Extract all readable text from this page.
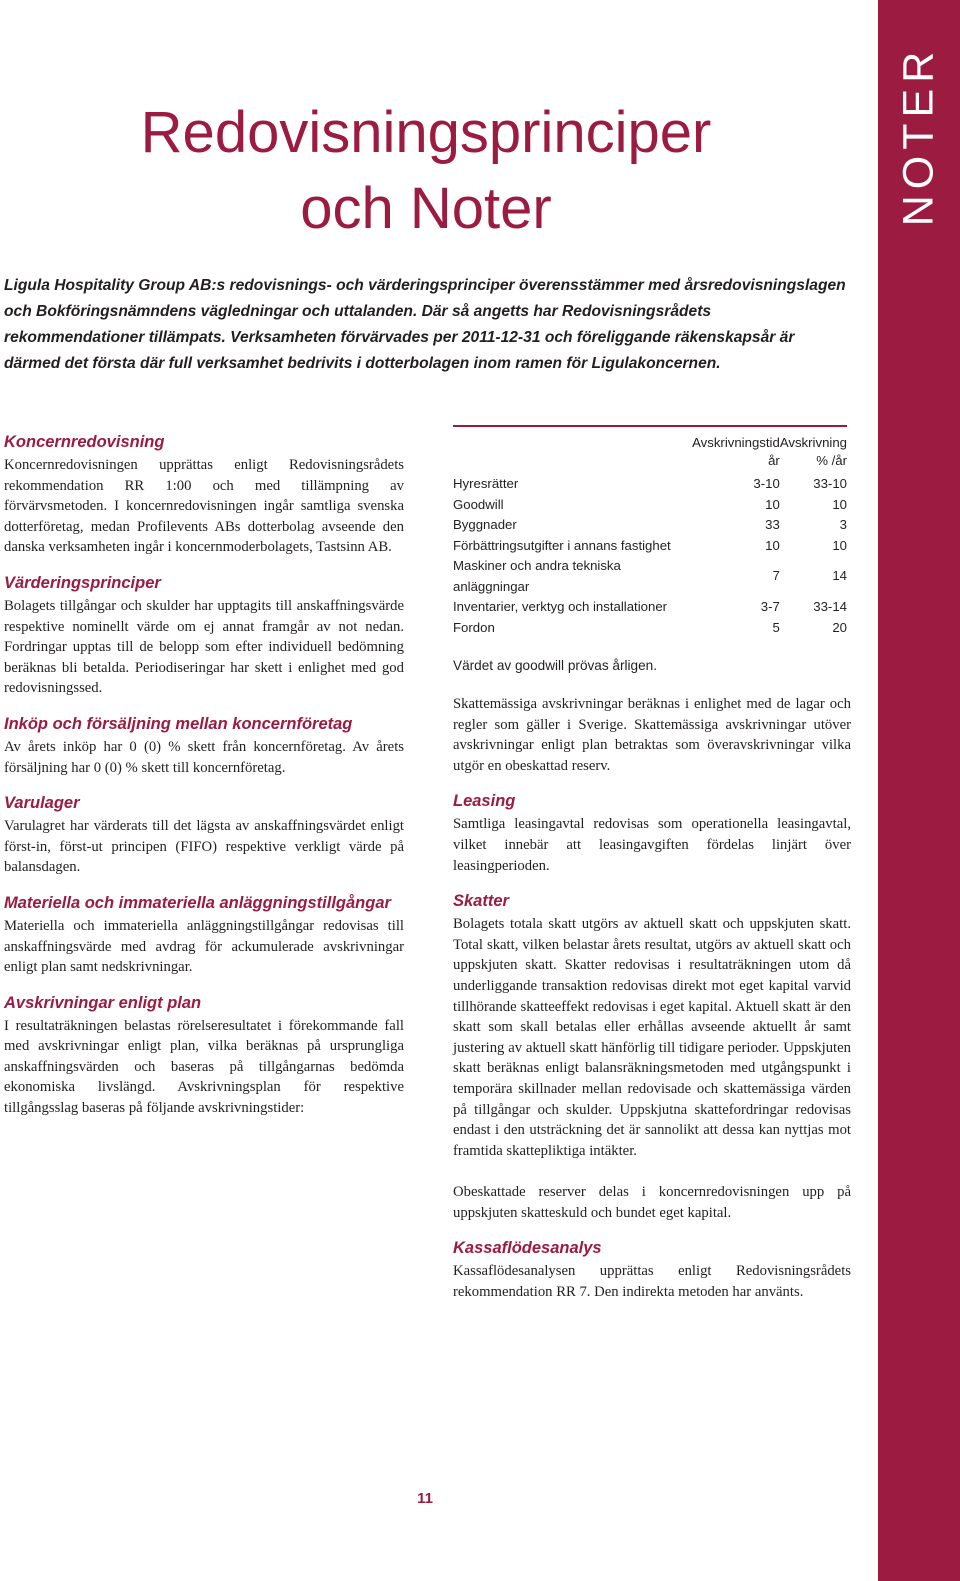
NOTER
Redovisningsprinciper
och Noter

Ligula Hospitality Group AB:s redovisnings- och värderingsprinciper överensstämmer med årsredovisningslagen och Bokföringsnämndens vägledningar och uttalanden. Där så angetts har Redovisningsrådets rekommendationer tillämpats. Verksamheten förvärvades per 2011-12-31 och föreliggande räkenskapsår är därmed det första där full verksamhet bedrivits i dotterbolagen inom ramen för Ligulakoncernen.

Koncernredovisning

Koncernredovisningen upprättas enligt Redovisningsrådets rekommendation RR 1:00 och med tillämpning av förvärvsmetoden. I koncernredovisningen ingår samtliga svenska dotterföretag, medan Profilevents ABs dotterbolag avseende den danska verksamheten ingår i koncernmoderbolagets, Tastsinn AB.

Värderingsprinciper

Bolagets tillgångar och skulder har upptagits till anskaffningsvärde respektive nominellt värde om ej annat framgår av not nedan. Fordringar upptas till de belopp som efter individuell bedömning beräknas bli betalda. Periodiseringar har skett i enlighet med god redovisningssed.

Inköp och försäljning mellan koncernföretag

Av årets inköp har 0 (0) % skett från koncernföretag. Av årets försäljning har 0 (0) % skett till koncernföretag.

Varulager

Varulagret har värderats till det lägsta av anskaffningsvärdet enligt först-in, först-ut principen (FIFO) respektive verkligt värde på balansdagen.

Materiella och immateriella anläggningstillgångar

Materiella och immateriella anläggningstillgångar redovisas till anskaffningsvärde med avdrag för ackumulerade avskrivningar enligt plan samt nedskrivningar.

Avskrivningar enligt plan

I resultaträkningen belastas rörelseresultatet i förekommande fall med avskrivningar enligt plan, vilka beräknas på ursprungliga anskaffningsvärden och baseras på tillgångarnas bedömda ekonomiska livslängd. Avskrivningsplan för respektive tillgångsslag baseras på följande avskrivningstider:

	Avskrivningstid	Avskrivning
	år	% /år
Hyresrätter	3-10	33-10
Goodwill	10	10
Byggnader	33	3
Förbättringsutgifter i annans fastighet	10	10
Maskiner och andra tekniska anläggningar	7	14
Inventarier, verktyg och installationer	3-7	33-14
Fordon	5	20

Värdet av goodwill prövas årligen.

Skattemässiga avskrivningar beräknas i enlighet med de lagar och regler som gäller i Sverige. Skattemässiga avskrivningar utöver avskrivningar enligt plan betraktas som överavskrivningar vilka utgör en obeskattad reserv.

Leasing

Samtliga leasingavtal redovisas som operationella leasingavtal, vilket innebär att leasingavgiften fördelas linjärt över leasingperioden.

Skatter

Bolagets totala skatt utgörs av aktuell skatt och uppskjuten skatt. Total skatt, vilken belastar årets resultat, utgörs av aktuell skatt och uppskjuten skatt. Skatter redovisas i resultaträkningen utom då underliggande transaktion redovisas direkt mot eget kapital varvid tillhörande skatteeffekt redovisas i eget kapital. Aktuell skatt är den skatt som skall betalas eller erhållas avseende aktuellt år samt justering av aktuell skatt hänförlig till tidigare perioder. Uppskjuten skatt beräknas enligt balansräkningsmetoden med utgångspunkt i temporära skillnader mellan redovisade och skattemässiga värden på tillgångar och skulder. Uppskjutna skattefordringar redovisas endast i den utsträckning det är sannolikt att dessa kan nyttjas mot framtida skattepliktiga intäkter.

Obeskattade reserver delas i koncernredovisningen upp på uppskjuten skatteskuld och bundet eget kapital.

Kassaflödesanalys

Kassaflödesanalysen upprättas enligt Redovisningsrådets rekommendation RR 7. Den indirekta metoden har använts.

11
